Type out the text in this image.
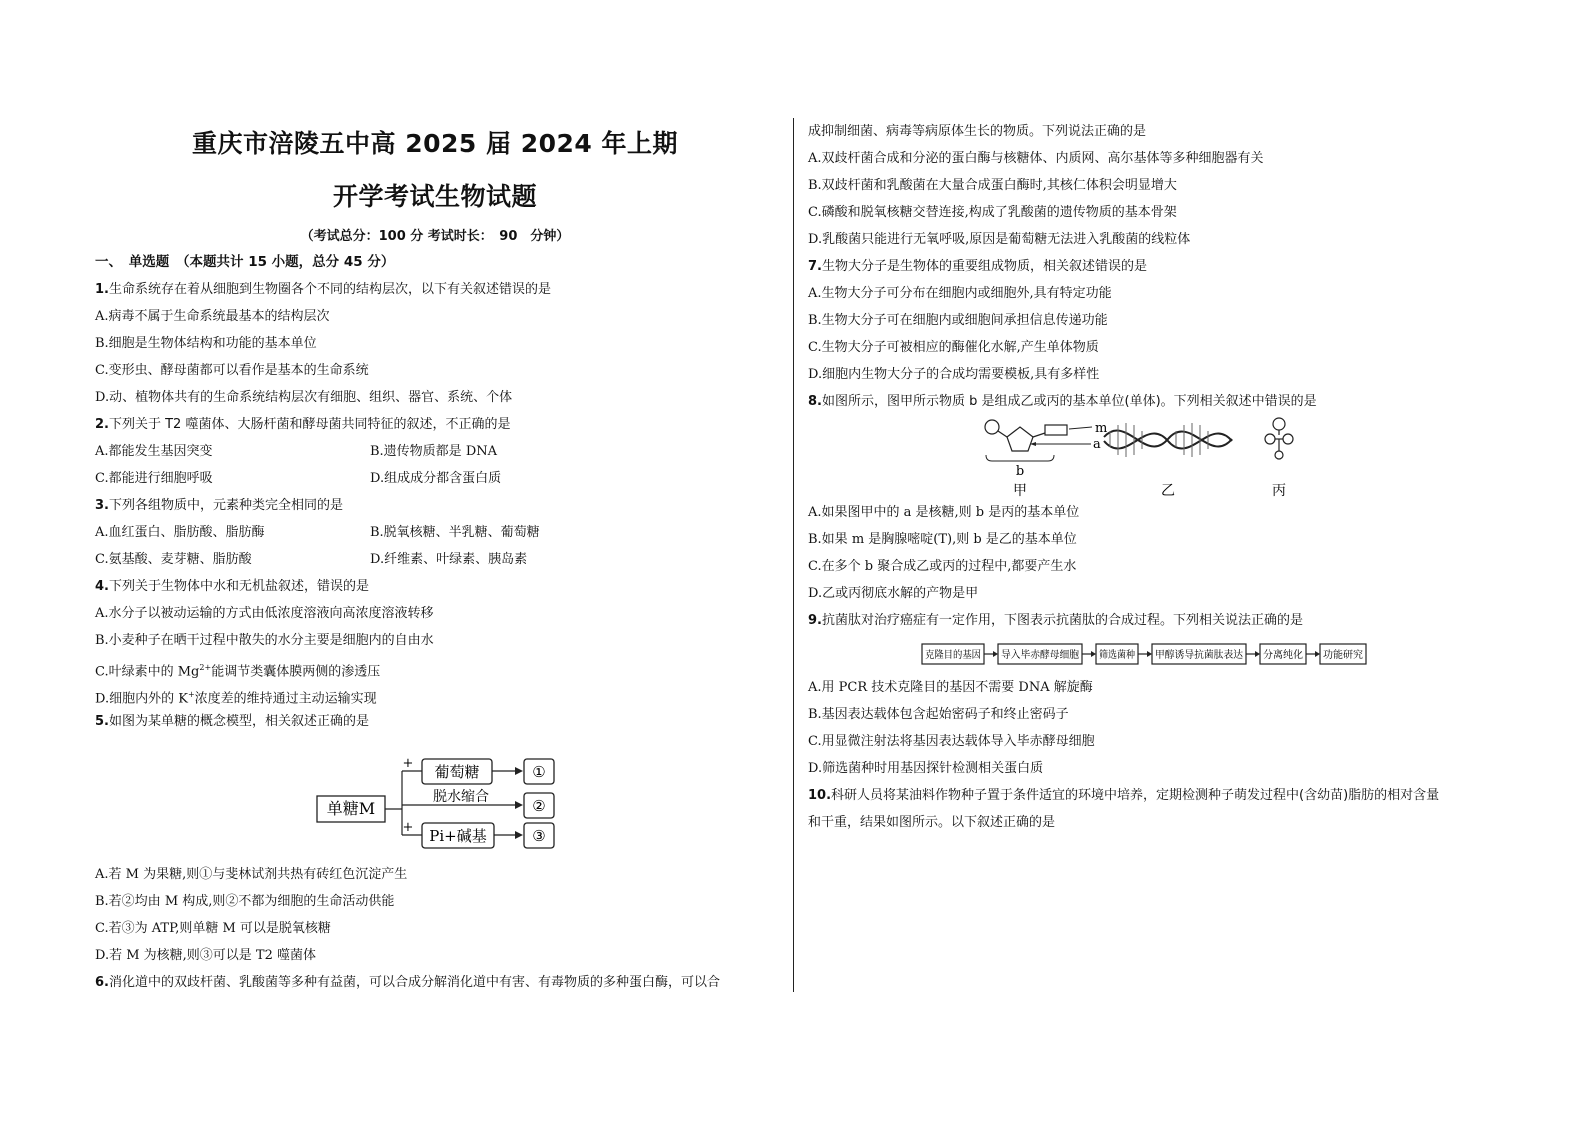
重庆市涪陵五中高 2025 届 2024 年上期
开学考试生物试题
（考试总分：100 分 考试时长：　90　分钟）
一、　单选题　（本题共计 15 小题，总分 45 分）
1.生命系统存在着从细胞到生物圈各个不同的结构层次，以下有关叙述错误的是
A.病毒不属于生命系统最基本的结构层次
B.细胞是生物体结构和功能的基本单位
C.变形虫、酵母菌都可以看作是基本的生命系统
D.动、植物体共有的生命系统结构层次有细胞、组织、器官、系统、个体
2.下列关于 T2 噬菌体、大肠杆菌和酵母菌共同特征的叙述，不正确的是
A.都能发生基因突变	B.遗传物质都是 DNA
C.都能进行细胞呼吸	D.组成成分都含蛋白质
3.下列各组物质中，元素种类完全相同的是
A.血红蛋白、脂肪酸、脂肪酶	B.脱氧核糖、半乳糖、葡萄糖
C.氨基酸、麦芽糖、脂肪酸	D.纤维素、叶绿素、胰岛素
4.下列关于生物体中水和无机盐叙述，错误的是
A.水分子以被动运输的方式由低浓度溶液向高浓度溶液转移
B.小麦种子在晒干过程中散失的水分主要是细胞内的自由水
C.叶绿素中的 $Mg^{2+}$能调节类囊体膜两侧的渗透压
D.细胞内外的 K+浓度差的维持通过主动运输实现
5.如图为某单糖的概念模型，相关叙述正确的是
单糖M
+
+
葡萄糖
Pi+碱基
脱水缩合
①
②
③
A.若 M 为果糖,则①与斐林试剂共热有砖红色沉淀产生
B.若②均由 M 构成,则②不都为细胞的生命活动供能
C.若③为 ATP,则单糖 M 可以是脱氧核糖
D.若 M 为核糖,则③可以是 T2 噬菌体
6.消化道中的双歧杆菌、乳酸菌等多种有益菌，可以合成分解消化道中有害、有毒物质的多种蛋白酶，可以合
成抑制细菌、病毒等病原体生长的物质。下列说法正确的是
A.双歧杆菌合成和分泌的蛋白酶与核糖体、内质网、高尔基体等多种细胞器有关
B.双歧杆菌和乳酸菌在大量合成蛋白酶时,其核仁体积会明显增大
C.磷酸和脱氧核糖交替连接,构成了乳酸菌的遗传物质的基本骨架
D.乳酸菌只能进行无氧呼吸,原因是葡萄糖无法进入乳酸菌的线粒体
7.生物大分子是生物体的重要组成物质，相关叙述错误的是
A.生物大分子可分布在细胞内或细胞外,具有特定功能
B.生物大分子可在细胞内或细胞间承担信息传递功能
C.生物大分子可被相应的酶催化水解,产生单体物质
D.细胞内生物大分子的合成均需要模板,具有多样性
8.如图所示，图甲所示物质 b 是组成乙或丙的基本单位(单体)。下列相关叙述中错误的是
m
a
b
甲	乙	丙
A.如果图甲中的 a 是核糖,则 b 是丙的基本单位
B.如果 m 是胸腺嘧啶(T),则 b 是乙的基本单位
C.在多个 b 聚合成乙或丙的过程中,都要产生水
D.乙或丙彻底水解的产物是甲
9.抗菌肽对治疗癌症有一定作用，下图表示抗菌肽的合成过程。下列相关说法正确的是
克隆目的基因 导入毕赤酵母细胞 筛选菌种 甲醇诱导抗菌肽表达 分离纯化 功能研究
A.用 PCR 技术克隆目的基因不需要 DNA 解旋酶
B.基因表达载体包含起始密码子和终止密码子
C.用显微注射法将基因表达载体导入毕赤酵母细胞
D.筛选菌种时用基因探针检测相关蛋白质
10.科研人员将某油料作物种子置于条件适宜的环境中培养，定期检测种子萌发过程中(含幼苗)脂肪的相对含量
和干重，结果如图所示。以下叙述正确的是
